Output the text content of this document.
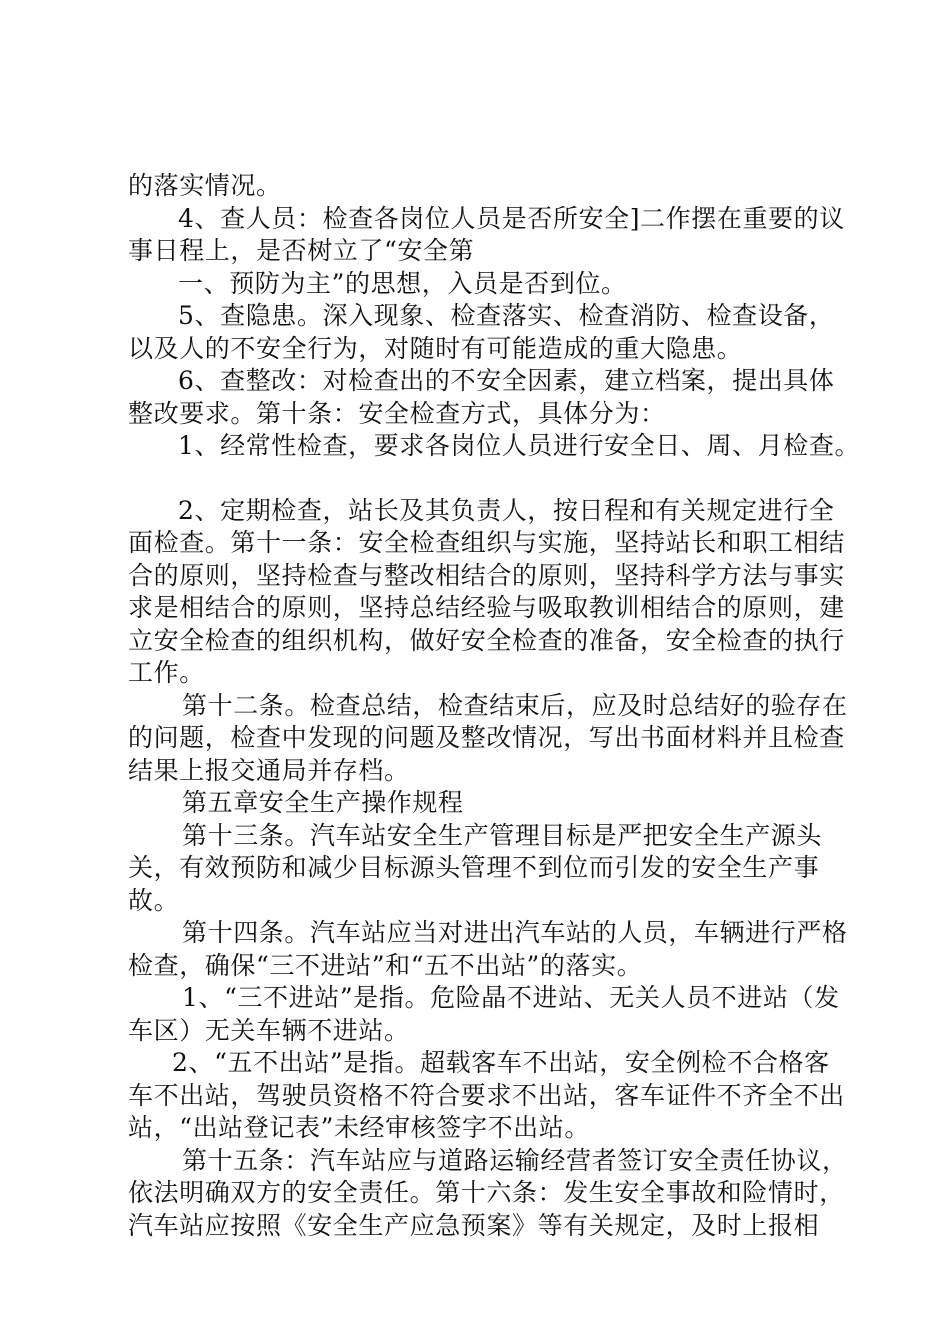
的落实情况。

4、查人员：检查各岗位人员是否所安全]二作摆在重要的议事日程上，是否树立了“安全第

一、预防为主”的思想，入员是否到位。

5、查隐患。深入现象、检查落实、检查消防、检查设备，以及人的不安全行为，对随时有可能造成的重大隐患。

6、查整改：对检查出的不安全因素，建立档案，提出具体整改要求。第十条：安全检查方式，具体分为：

1、经常性检查，要求各岗位人员进行安全日、周、月检查。

2、定期检查，站长及其负责人，按日程和有关规定进行全面检查。第十一条：安全检查组织与实施，坚持站长和职工相结合的原则，坚持检查与整改相结合的原则，坚持科学方法与事实求是相结合的原则，坚持总结经验与吸取教训相结合的原则，建立安全检查的组织机构，做好安全检查的准备，安全检查的执行工作。

第十二条。检查总结，检查结束后，应及时总结好的验存在的问题，检查中发现的问题及整改情况，写出书面材料并且检查结果上报交通局并存档。

第五章安全生产操作规程

第十三条。汽车站安全生产管理目标是严把安全生产源头关，有效预防和减少目标源头管理不到位而引发的安全生产事故。

第十四条。汽车站应当对进出汽车站的人员，车辆进行严格检查，确保“三不进站”和“五不出站”的落实。

1、“三不进站”是指。危险晶不进站、无关人员不进站（发车区）无关车辆不进站。

2、“五不出站”是指。超载客车不出站，安全例检不合格客车不出站，驾驶员资格不符合要求不出站，客车证件不齐全不出站，“出站登记表”未经审核签字不出站。

第十五条：汽车站应与道路运输经营者签订安全责任协议，依法明确双方的安全责任。第十六条：发生安全事故和险情时，汽车站应按照《安全生产应急预案》等有关规定，及时上报相
